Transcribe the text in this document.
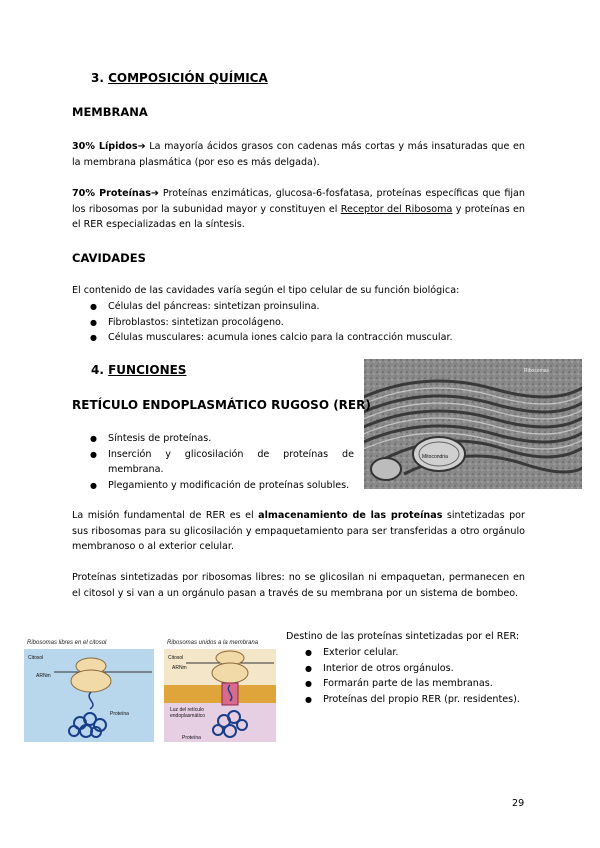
3. COMPOSICIÓN QUÍMICA
MEMBRANA
30% Lípidos➔ La mayoría ácidos grasos con cadenas más cortas y más insaturadas que en la membrana plasmática (por eso es más delgada).
70% Proteínas➔ Proteínas enzimáticas, glucosa-6-fosfatasa, proteínas específicas que fijan los ribosomas por la subunidad mayor y constituyen el Receptor del Ribosoma y proteínas en el RER especializadas en la síntesis.
CAVIDADES
El contenido de las cavidades varía según el tipo celular de su función biológica:
● Células del páncreas: sintetizan proinsulina.
● Fibroblastos: sintetizan procolágeno.
● Células musculares: acumula iones calcio para la contracción muscular.
4. FUNCIONES	Ribosomas
Mitocondria
RETÍCULO ENDOPLASMÁTICO RUGOSO (RER)
● Síntesis de proteínas.
● Inserción y glicosilación de proteínas de membrana.
● Plegamiento y modificación de proteínas solubles.
La misión fundamental de RER es el almacenamiento de las proteínas sintetizadas por sus ribosomas para su glicosilación y empaquetamiento para ser transferidas a otro orgánulo membranoso o al exterior celular.
Proteínas sintetizadas por ribosomas libres: no se glicosilan ni empaquetan, permanecen en el citosol y si van a un orgánulo pasan a través de su membrana por un sistema de bombeo.
Ribosomas libres en el citosol
Citosol
ARNm
Proteína
Ribosomas unidos a la membrana
Citosol
ARNm
Luz del retículo endoplasmático
Proteína
Destino de las proteínas sintetizadas por el RER:
● Exterior celular.
● Interior de otros orgánulos.
● Formarán parte de las membranas.
● Proteínas del propio RER (pr. residentes).
29
